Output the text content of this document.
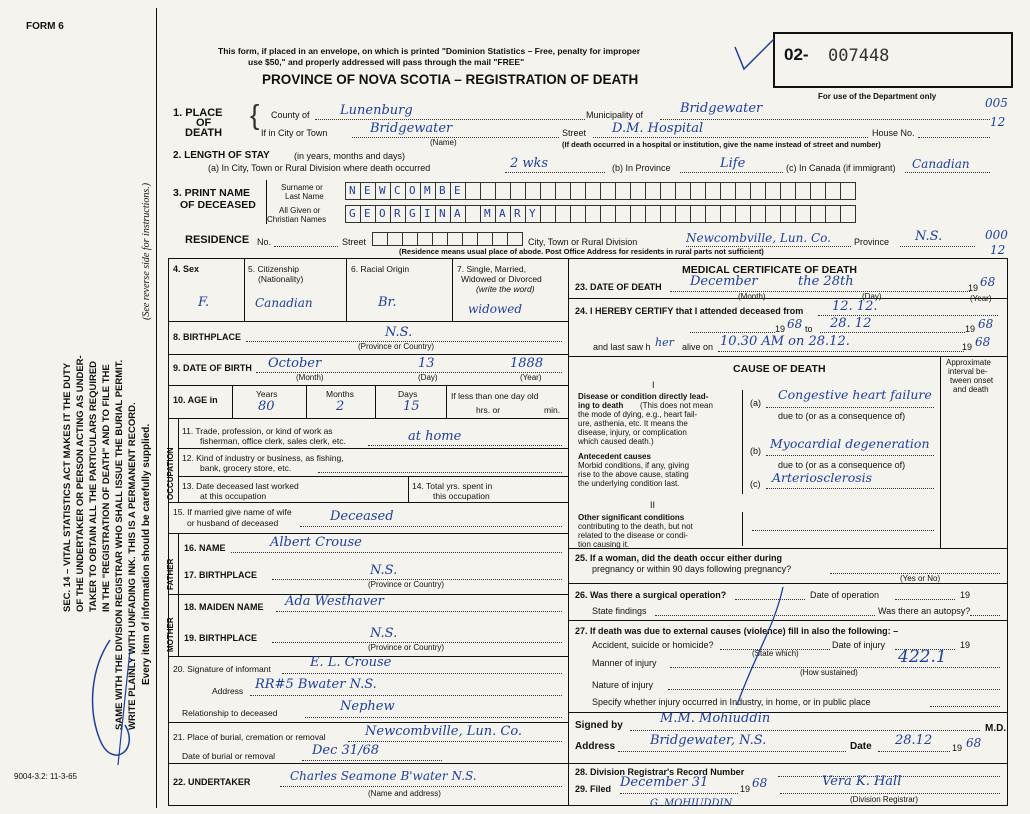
FORM 6
SEC. 14 – VITAL STATISTICS ACT MAKES IT THE DUTY OF THE UNDERTAKER OR PERSON ACTING AS UNDER- TAKER TO OBTAIN ALL THE PARTICULARS REQUIRED IN THE "REGISTRATION OF DEATH" AND TO FILE THE SAME WITH THE DIVISION REGISTRAR WHO SHALL ISSUE THE BURIAL PERMIT. WRITE PLAINLY WITH UNFADING INK. THIS IS A PERMANENT RECORD.
(See reverse side for instructions.)
Every item of information should be carefully supplied.
9004-3.2: 11-3-65
This form, if placed in an envelope, on which is printed "Dominion Statistics – Free, penalty for improper
use $50," and properly addressed will pass through the mail "FREE"
PROVINCE OF NOVA SCOTIA – REGISTRATION OF DEATH
02- 007448
For use of the Department only	005
12
000
12
1. PLACE
OF
DEATH
{ County of Lunenburg	Municipality of	Bridgewater
If in City or Town	Bridgewater
(Name)
Street D.M. Hospital	House No.
(If death occurred in a hospital or institution, give the name instead of street and number)
2. LENGTH OF STAY	(in years, months and days)
(a) In City, Town or Rural Division where death occurred	2 wks	(b) In Province	Life	(c) In Canada (if immigrant) Canadian
3. PRINT NAME
OF DECEASED
Surname or
Last Name
All Given or
Christian Names
N E W C O M B E
G E O R G I N A M A R Y
RESIDENCE No.	Street	City, Town or Rural Division	Newcombville, Lun. Co.	Province N.S.
(Residence means usual place of abode. Post Office Address for residents in rural parts not sufficient)
4. Sex
F.
5. Citizenship
(Nationality)
Canadian
6. Racial Origin
Br.
7. Single, Married,
Widowed or Divorced
(write the word)
widowed
8. BIRTHPLACE	N.S.
(Province or Country)
9. DATE OF BIRTH October	13	1888
(Month)	(Day)	(Year)
10. AGE in
Years	Months	Days
80	2	15
If less than one day old
hrs. or	min.
OCCUPATION
11. Trade, profession, or kind of work as
fisherman, office clerk, sales clerk, etc.	at home
12. Kind of industry or business, as fishing,
bank, grocery store, etc.
13. Date deceased last worked
at this occupation
14. Total yrs. spent in
this occupation
15. If married give name of wife
or husband of deceased	Deceased
FATHER
16. NAME	Albert Crouse
17. BIRTHPLACE	N.S.
(Province or Country)
MOTHER
18. MAIDEN NAME Ada Westhaver
19. BIRTHPLACE	N.S.
(Province or Country)
20. Signature of informant	E. L. Crouse
Address RR#5 Bwater N.S.
Relationship to deceased	Nephew
21. Place of burial, cremation or removal	Newcombville, Lun. Co.
Date of burial or removal	Dec 31/68
22. UNDERTAKER	Charles Seamone B'water N.S.
(Name and address)
MEDICAL CERTIFICATE OF DEATH
23. DATE OF DEATH December	the 28th	19 68
(Month)	(Day)	(Year)
24. I HEREBY CERTIFY that I attended deceased from 12. 12.
19 68 to 28. 12	19 68
and last saw h her alive on 10.30 AM on 28.12.	19 68
CAUSE OF DEATH
Approximate
interval be-
tween onset
and death
I
Disease or condition directly lead-
ing to death (This does not mean
the mode of dying, e.g., heart fail-
ure, asthenia, etc. It means the
disease, injury, or complication
which caused death.)
(a)
Congestive heart failure
due to (or as a consequence of)
Antecedent causes
Morbid conditions, if any, giving
rise to the above cause, stating
the underlying condition last.
(b) Myocardial degeneration
due to (or as a consequence of)
(c) Arteriosclerosis
II
Other significant conditions
contributing to the death, but not
related to the disease or condi-
tion causing it.
25. If a woman, did the death occur either during
pregnancy or within 90 days following pregnancy?
(Yes or No)
26. Was there a surgical operation?	Date of operation	19
State findings	Was there an autopsy?
27. If death was due to external causes (violence) fill in also the following: –
Accident, suicide or homicide?
(State which)
Date of injury	19
Manner of injury	422.1
(How sustained)
Nature of injury
Specify whether injury occurred in Industry, in home, or in public place
Signed by	M.M. Mohiuddin
M.D.
Address	Bridgewater, N.S.	Date 28.12 19 68
28. Division Registrar's Record Number
29. Filed December 31	19 68	Vera K. Hall
(Division Registrar)
G. MOHIUDDIN
